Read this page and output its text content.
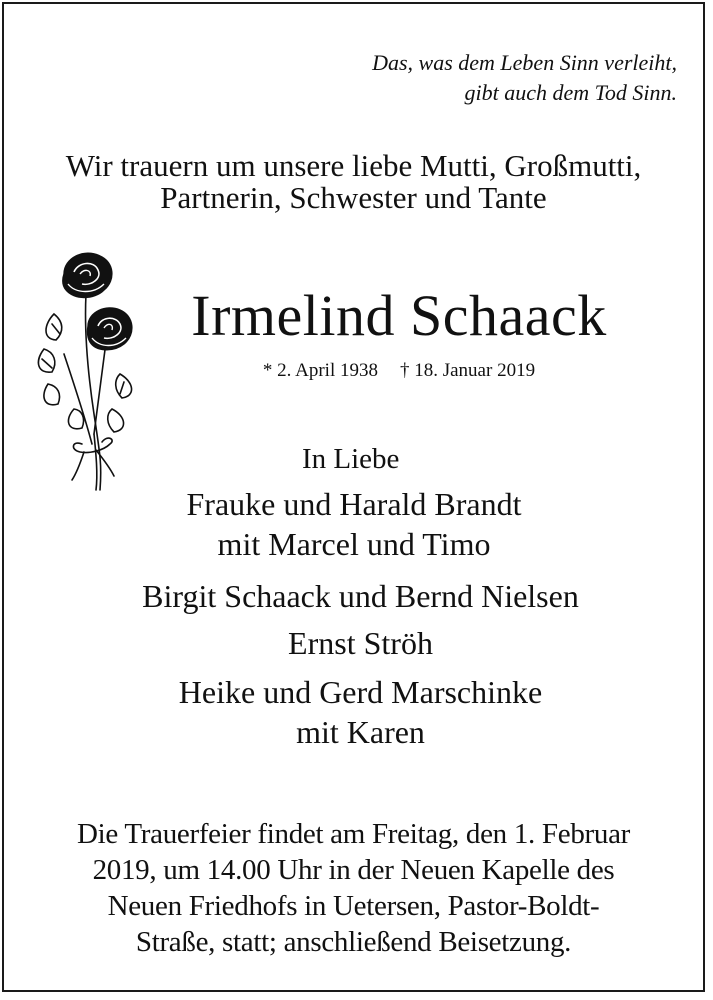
Das, was dem Leben Sinn verleiht,
gibt auch dem Tod Sinn.
Wir trauern um unsere liebe Mutti, Großmutti,
Partnerin, Schwester und Tante
Irmelind Schaack
* 2. April 1938 † 18. Januar 2019
In Liebe
Frauke und Harald Brandt
mit Marcel und Timo
Birgit Schaack und Bernd Nielsen
Ernst Ströh
Heike und Gerd Marschinke
mit Karen
Die Trauerfeier findet am Freitag, den 1. Februar
2019, um 14.00 Uhr in der Neuen Kapelle des
Neuen Friedhofs in Uetersen, Pastor-Boldt-
Straße, statt; anschließend Beisetzung.
